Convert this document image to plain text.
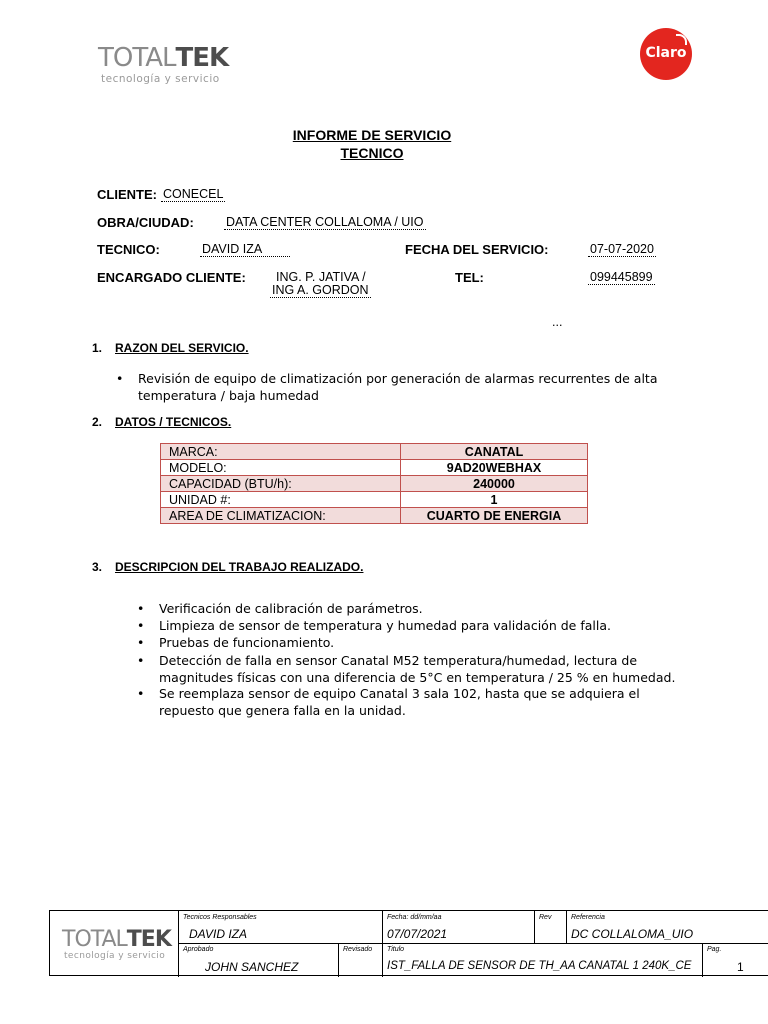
TOTALTEK
tecnología y servicio
Claro
INFORME DE SERVICIO
TECNICO
CLIENTE: CONECEL
OBRA/CIUDAD:	DATA CENTER COLLALOMA / UIO
TECNICO:	DAVID IZA	FECHA DEL SERVICIO:	07-07-2020
ENCARGADO CLIENTE: ING. P. JATIVA /
ING A. GORDON
TEL:	099445899
...
1. RAZON DEL SERVICIO.
• Revisión de equipo de climatización por generación de alarmas recurrentes de alta temperatura / baja humedad
2. DATOS / TECNICOS.
MARCA:	CANATAL
MODELO:	9AD20WEBHAX
CAPACIDAD (BTU/h):	240000
UNIDAD #:	1
AREA DE CLIMATIZACION:	CUARTO DE ENERGIA
3. DESCRIPCION DEL TRABAJO REALIZADO.
• Verificación de calibración de parámetros.
• Limpieza de sensor de temperatura y humedad para validación de falla.
• Pruebas de funcionamiento.
• Detección de falla en sensor Canatal M52 temperatura/humedad, lectura de magnitudes físicas con una diferencia de 5°C en temperatura / 25 % en humedad.
• Se reemplaza sensor de equipo Canatal 3 sala 102, hasta que se adquiera el repuesto que genera falla en la unidad.
TOTALTEK
tecnología y servicio
Tecnicos Responsables
DAVID IZA
Fecha: dd/mm/aa
07/07/2021
Rev	Referencia
DC COLLALOMA_UIO
Aprobado
JOHN SANCHEZ
Revisado Titulo
IST_FALLA DE SENSOR DE TH_AA CANATAL 1 240K_CE
Pag.
1
